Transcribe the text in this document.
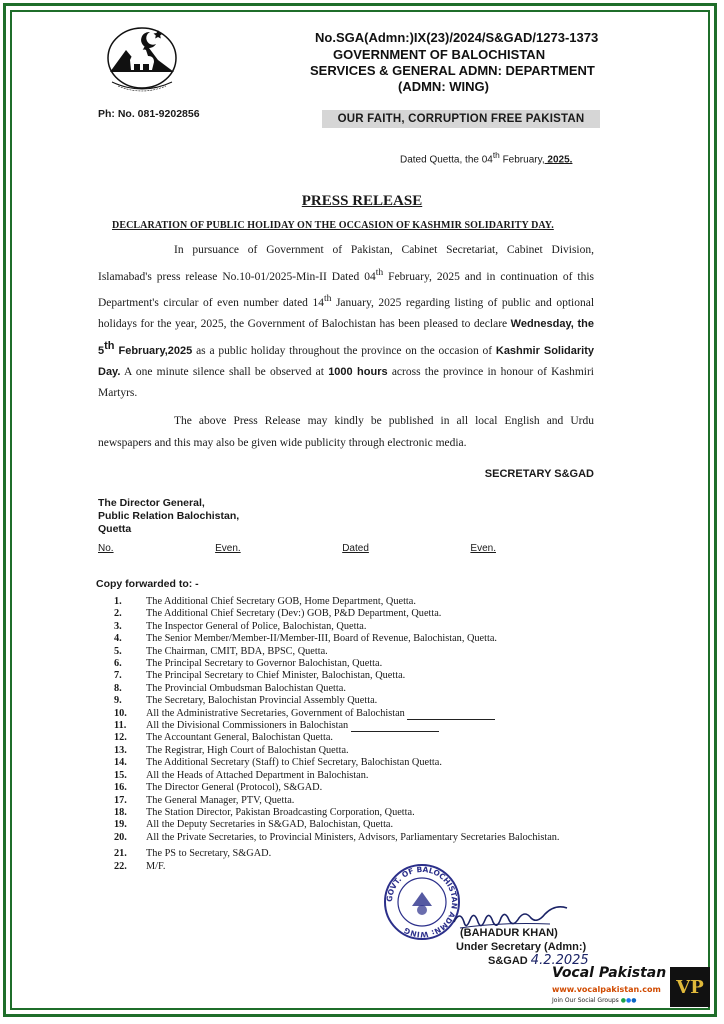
Ph: No. 081-9202856
No.SGA(Admn:)IX(23)/2024/S&GAD/1273-1373
GOVERNMENT OF BALOCHISTAN
SERVICES & GENERAL ADMN: DEPARTMENT
(ADMN: WING)
OUR FAITH, CORRUPTION FREE PAKISTAN
Dated Quetta, the 04th February, 2025.
PRESS RELEASE
DECLARATION OF PUBLIC HOLIDAY ON THE OCCASION OF KASHMIR SOLIDARITY DAY.
In pursuance of Government of Pakistan, Cabinet Secretariat, Cabinet Division, Islamabad's press release No.10-01/2025-Min-II Dated 04th February, 2025 and in continuation of this Department's circular of even number dated 14th January, 2025 regarding listing of public and optional holidays for the year, 2025, the Government of Balochistan has been pleased to declare Wednesday, the 5th February,2025 as a public holiday throughout the province on the occasion of Kashmir Solidarity Day. A one minute silence shall be observed at 1000 hours across the province in honour of Kashmiri Martyrs.
The above Press Release may kindly be published in all local English and Urdu newspapers and this may also be given wide publicity through electronic media.
SECRETARY S&GAD
The Director General,
Public Relation Balochistan,
Quetta
No.	Even.	Dated	Even.
Copy forwarded to: -
1.	The Additional Chief Secretary GOB, Home Department, Quetta.
2.	The Additional Chief Secretary (Dev:) GOB, P&D Department, Quetta.
3.	The Inspector General of Police, Balochistan, Quetta.
4.	The Senior Member/Member-II/Member-III, Board of Revenue, Balochistan, Quetta.
5.	The Chairman, CMIT, BDA, BPSC, Quetta.
6.	The Principal Secretary to Governor Balochistan, Quetta.
7.	The Principal Secretary to Chief Minister, Balochistan, Quetta.
8.	The Provincial Ombudsman Balochistan Quetta.
9.	The Secretary, Balochistan Provincial Assembly Quetta.
10.	All the Administrative Secretaries, Government of Balochistan
11.	All the Divisional Commissioners in Balochistan
12.	The Accountant General, Balochistan Quetta.
13.	The Registrar, High Court of Balochistan Quetta.
14.	The Additional Secretary (Staff) to Chief Secretary, Balochistan Quetta.
15.	All the Heads of Attached Department in Balochistan.
16.	The Director General (Protocol), S&GAD.
17.	The General Manager, PTV, Quetta.
18.	The Station Director, Pakistan Broadcasting Corporation, Quetta.
19.	All the Deputy Secretaries in S&GAD, Balochistan, Quetta.
20.	All the Private Secretaries, to Provincial Ministers, Advisors, Parliamentary Secretaries Balochistan.
21.	The PS to Secretary, S&GAD.
22.	M/F.
GOVT. OF BALOCHISTAN ADMN: WING	(BAHADUR KHAN)
Under Secretary (Admn:)
S&GAD 4.2.2025
Vocal Pakistan
www.vocalpakistan.com
Join Our Social Groups ●●●
VP
